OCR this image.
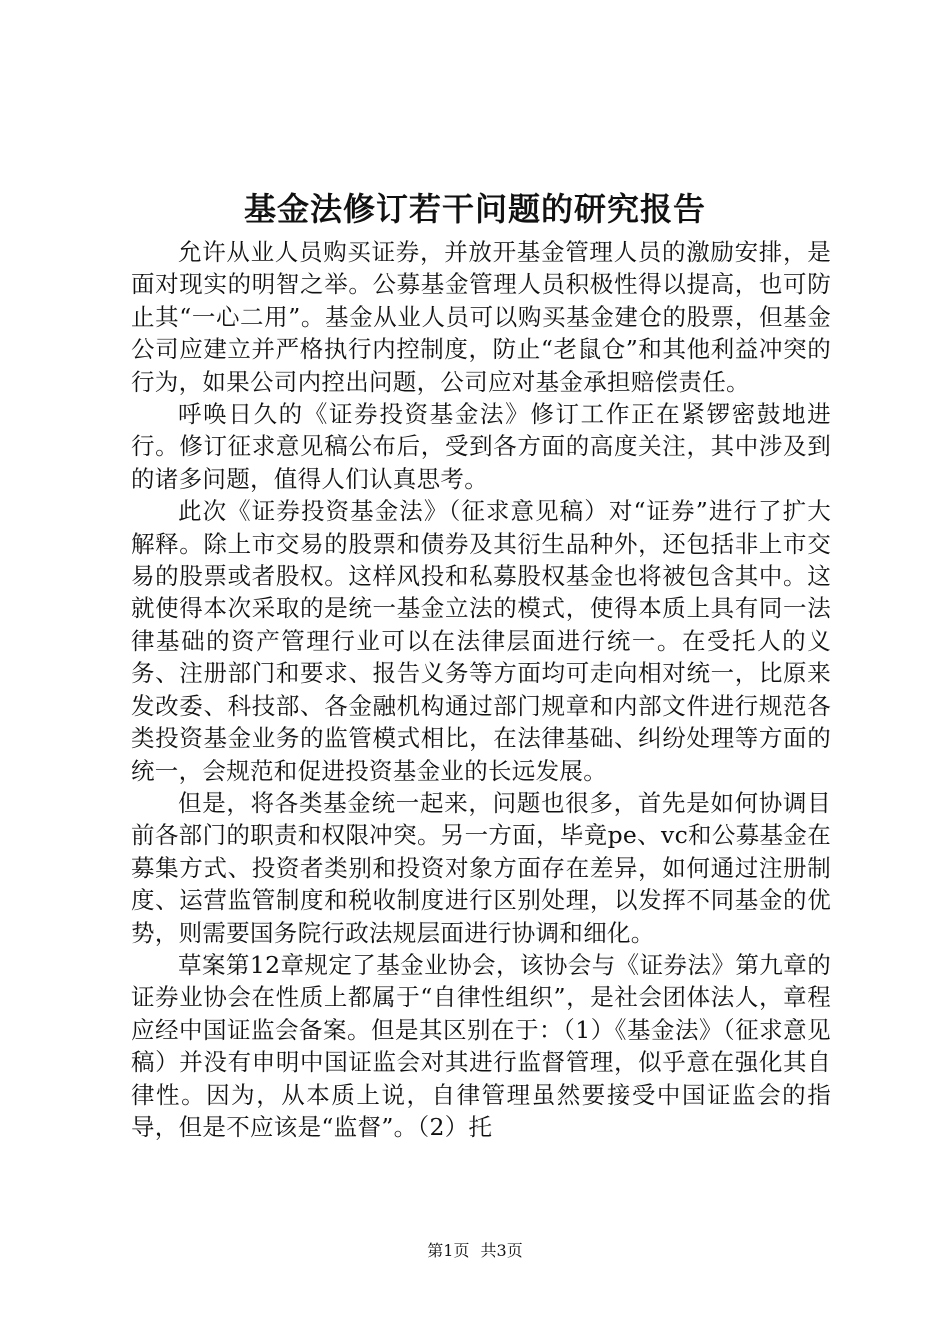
基金法修订若干问题的研究报告

允许从业人员购买证券，并放开基金管理人员的激励安排，是面对现实的明智之举。公募基金管理人员积极性得以提高，也可防止其“一心二用”。基金从业人员可以购买基金建仓的股票，但基金公司应建立并严格执行内控制度，防止“老鼠仓”和其他利益冲突的行为，如果公司内控出问题，公司应对基金承担赔偿责任。

呼唤日久的《证券投资基金法》修订工作正在紧锣密鼓地进行。修订征求意见稿公布后，受到各方面的高度关注，其中涉及到的诸多问题，值得人们认真思考。

此次《证券投资基金法》（征求意见稿）对“证券”进行了扩大解释。除上市交易的股票和债券及其衍生品种外，还包括非上市交易的股票或者股权。这样风投和私募股权基金也将被包含其中。这就使得本次采取的是统一基金立法的模式，使得本质上具有同一法律基础的资产管理行业可以在法律层面进行统一。在受托人的义务、注册部门和要求、报告义务等方面均可走向相对统一，比原来发改委、科技部、各金融机构通过部门规章和内部文件进行规范各类投资基金业务的监管模式相比，在法律基础、纠纷处理等方面的统一，会规范和促进投资基金业的长远发展。

但是，将各类基金统一起来，问题也很多，首先是如何协调目前各部门的职责和权限冲突。另一方面，毕竟pe、vc和公募基金在募集方式、投资者类别和投资对象方面存在差异，如何通过注册制度、运营监管制度和税收制度进行区别处理，以发挥不同基金的优势，则需要国务院行政法规层面进行协调和细化。

草案第12章规定了基金业协会，该协会与《证券法》第九章的证券业协会在性质上都属于“自律性组织”，是社会团体法人，章程应经中国证监会备案。但是其区别在于：（1）《基金法》（征求意见稿）并没有申明中国证监会对其进行监督管理，似乎意在强化其自律性。因为，从本质上说，自律管理虽然要接受中国证监会的指导，但是不应该是“监督”。（2）托

第1页 共3页
